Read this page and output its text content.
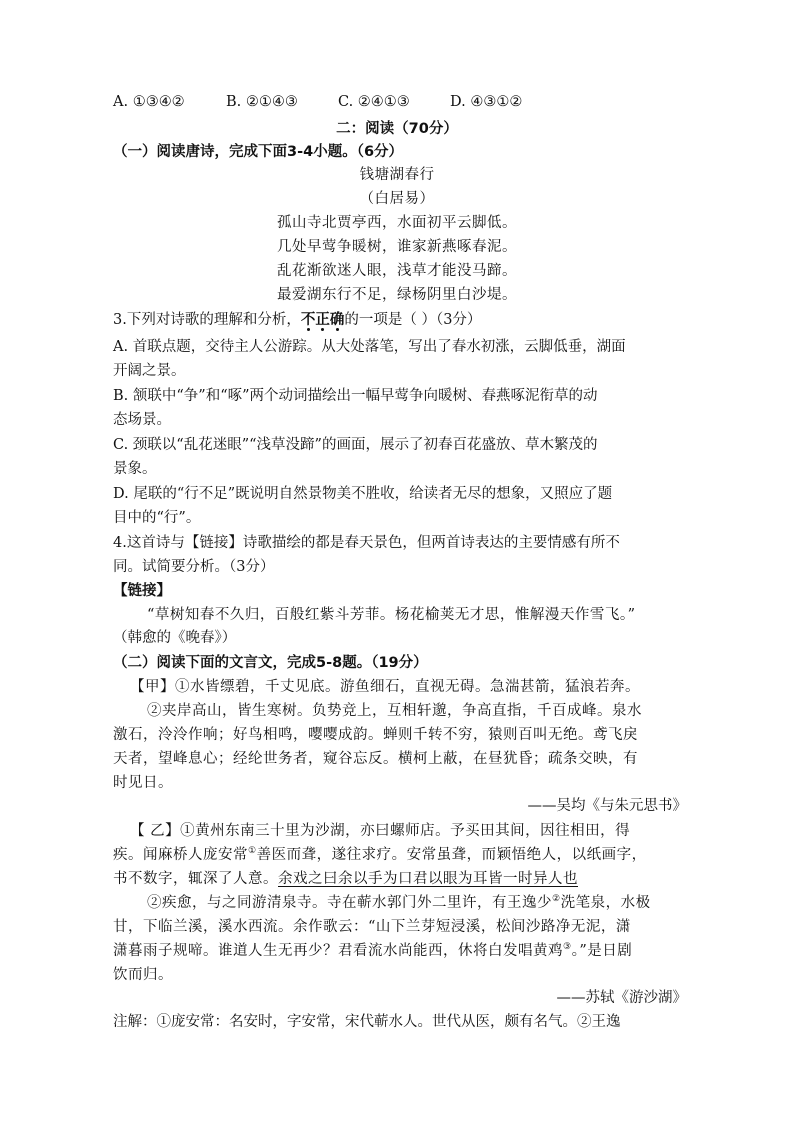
A. ①③④②	B. ②①④③	C. ②④①③	D. ④③①②
二：阅读（70分）
（一）阅读唐诗，完成下面3-4小题。（6分）
钱塘湖春行
（白居易）
孤山寺北贾亭西，水面初平云脚低。
几处早莺争暖树，谁家新燕啄春泥。
乱花渐欲迷人眼，浅草才能没马蹄。
最爱湖东行不足，绿杨阴里白沙堤。
3.下列对诗歌的理解和分析，不正确的一项是（ ）（3分）
A. 首联点题，交待主人公游踪。从大处落笔，写出了春水初涨，云脚低垂，湖面
开阔之景。
B. 颔联中“争”和“啄”两个动词描绘出一幅早莺争向暖树、春燕啄泥衔草的动
态场景。
C. 颈联以“乱花迷眼”“浅草没蹄”的画面，展示了初春百花盛放、草木繁茂的
景象。
D. 尾联的“行不足”既说明自然景物美不胜收，给读者无尽的想象，又照应了题
目中的“行”。
4.这首诗与【链接】诗歌描绘的都是春天景色，但两首诗表达的主要情感有所不
同。试简要分析。（3分）
【链接】
“草树知春不久归，百般红紫斗芳菲。杨花榆荚无才思，惟解漫天作雪飞。”
（韩愈的《晚春》）
（二）阅读下面的文言文，完成5-8题。（19分）
【甲】①水皆缥碧，千丈见底。游鱼细石，直视无碍。急湍甚箭，猛浪若奔。
②夹岸高山，皆生寒树。负势竞上，互相轩邈，争高直指，千百成峰。泉水
激石，泠泠作响；好鸟相鸣，嘤嘤成韵。蝉则千转不穷，猿则百叫无绝。鸢飞戾
天者，望峰息心；经纶世务者，窥谷忘反。横柯上蔽，在昼犹昏；疏条交映，有
时见日。
——吴均《与朱元思书》
【 乙】①黄州东南三十里为沙湖，亦曰螺师店。予买田其间，因往相田，得
疾。闻麻桥人庞安常①善医而聋，遂往求疗。安常虽聋，而颖悟绝人，以纸画字，
书不数字，辄深了人意。余戏之曰余以手为口君以眼为耳皆一时异人也
②疾愈，与之同游清泉寺。寺在蕲水郭门外二里许，有王逸少②洗笔泉，水极
甘，下临兰溪，溪水西流。余作歌云：“山下兰芽短浸溪，松间沙路净无泥，潇
潇暮雨子规啼。谁道人生无再少？君看流水尚能西，休将白发唱黄鸡③。”是日剧
饮而归。
——苏轼《游沙湖》
注解：①庞安常：名安时，字安常，宋代蕲水人。世代从医，颇有名气。②王逸
